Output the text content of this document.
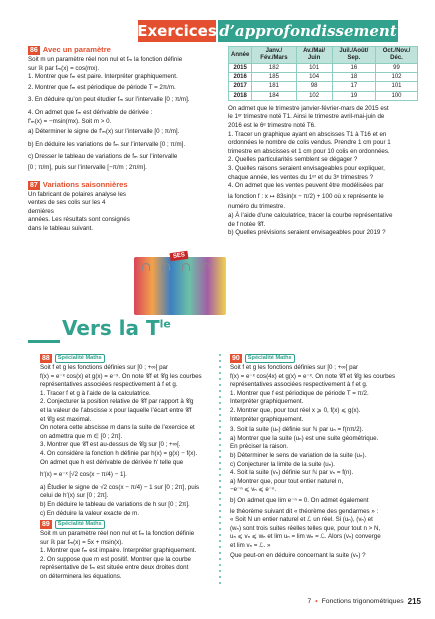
Exercices d’approfondissement
86 Avec un paramètre
Soit m un paramètre réel non nul et fₘ la fonction définie
sur ℝ par fₘ(x) = cos(mx).
1. Montrer que fₘ est paire. Interpréter graphiquement.
2. Montrer que fₘ est périodique de période T = 2π/m.
3. En déduire qu’on peut étudier fₘ sur l’intervalle [0 ; π/m].
4. On admet que fₘ est dérivable de dérivée :
f′ₘ(x) = −msin(mx). Soit m > 0.
a) Déterminer le signe de f′ₘ(x) sur l’intervalle [0 ; π/m].
b) En déduire les variations de fₘ sur l’intervalle [0 ; π/m].
c) Dresser le tableau de variations de fₘ sur l’intervalle
[0 ; π/m], puis sur l’intervalle [−π/m ; 2π/m].
87 Variations saisonnières
Un fabricant de polaires analyse les
ventes de ses colis sur les 4 dernières
années. Les résultats sont consignés
dans le tableau suivant.
SES
Année	Janv./ Fév./Mars	Av./Mai/ Juin	Juil./Août/ Sep.	Oct./Nov./ Déc.
2015	182	101	16	99
2016	185	104	18	102
2017	181	98	17	101
2018	184	102	19	100
On admet que le trimestre janvier-février-mars de 2015 est
le 1ᵉʳ trimestre noté T1. Ainsi le trimestre avril-mai-juin de
2016 est le 6ᵉ trimestre noté T6.
1. Tracer un graphique ayant en abscisses T1 à T16 et en
ordonnées le nombre de colis vendus. Prendre 1 cm pour 1
trimestre en abscisses et 1 cm pour 10 colis en ordonnées.
2. Quelles particularités semblent se dégager ?
3. Quelles raisons seraient envisageables pour expliquer,
chaque année, les ventes du 1ᵉʳ et du 3ᵉ trimestres ?
4. On admet que les ventes peuvent être modélisées par
la fonction f : x ↦ 83sin(x − π/2) + 100 où x représente le
numéro du trimestre.
a) À l’aide d’une calculatrice, tracer la courbe représentative
de f notée 𝒞f.
b) Quelles prévisions seraient envisageables pour 2019 ?
Vers la $T^{le}$
88	Spécialité Maths
Soit f et g les fonctions définies sur [0 ; +∞[ par
f(x) = e⁻ˣ cos(x) et g(x) = e⁻ˣ. On note 𝒞f et 𝒞g les courbes
représentatives associées respectivement à f et g.
1. Tracer f et g à l’aide de la calculatrice.
2. Conjecturer la position relative de 𝒞f par rapport à 𝒞g
et la valeur de l’abscisse x pour laquelle l’écart entre 𝒞f
et 𝒞g est maximal.
On notera cette abscisse m dans la suite de l’exercice et
on admettra que m ∈ [0 ; 2π].
3. Montrer que 𝒞f est au-dessus de 𝒞g sur [0 ; +∞[.
4. On considère la fonction h définie par h(x) = g(x) − f(x).
On admet que h est dérivable de dérivée h′ telle que
h′(x) = e⁻ˣ [√2 cos(x − π/4) − 1].
a) Étudier le signe de √2 cos(x − π/4) − 1 sur [0 ; 2π], puis
celui de h′(x) sur [0 ; 2π].
b) En déduire le tableau de variations de h sur [0 ; 2π].
c) En déduire la valeur exacte de m.
89	Spécialité Maths
Soit m un paramètre réel non nul et fₘ la fonction définie
sur ℝ par fₘ(x) = 5x + msin(x).
1. Montrer que fₘ est impaire. Interpréter graphiquement.
2. On suppose que m est positif. Montrer que la courbe
représentative de fₘ est située entre deux droites dont
on déterminera les équations.
90	Spécialité Maths
Soit f et g les fonctions définies sur [0 ; +∞[ par
f(x) = e⁻ˣ cos(4x) et g(x) = e⁻ˣ. On note 𝒞f et 𝒞g les courbes
représentatives associées respectivement à f et g.
1. Montrer que f est périodique de période T = π/2.
Interpréter graphiquement.
2. Montrer que, pour tout réel x ⩾ 0, f(x) ⩽ g(x).
Interpréter graphiquement.
3. Soit la suite (uₙ) définie sur ℕ par uₙ = f(nπ/2).
a) Montrer que la suite (uₙ) est une suite géométrique.
En préciser la raison.
b) Déterminer le sens de variation de la suite (uₙ).
c) Conjecturer la limite de la suite (uₙ).
4. Soit la suite (vₙ) définie sur ℕ par vₙ = f(n).
a) Montrer que, pour tout entier naturel n,
−e⁻ⁿ ⩽ vₙ ⩽ e⁻ⁿ.
b) On admet que lim e⁻ⁿ = 0. On admet également
le théorème suivant dit « théorème des gendarmes » :
« Soit N un entier naturel et ℒ un réel. Si (uₙ), (vₙ) et
(wₙ) sont trois suites réelles telles que, pour tout n > N,
uₙ ⩽ vₙ ⩽ wₙ et lim uₙ = lim wₙ = ℒ. Alors (vₙ) converge
et lim vₙ = ℒ. »
Que peut-on en déduire concernant la suite (vₙ) ?
7 • Fonctions trigonométriques 215
